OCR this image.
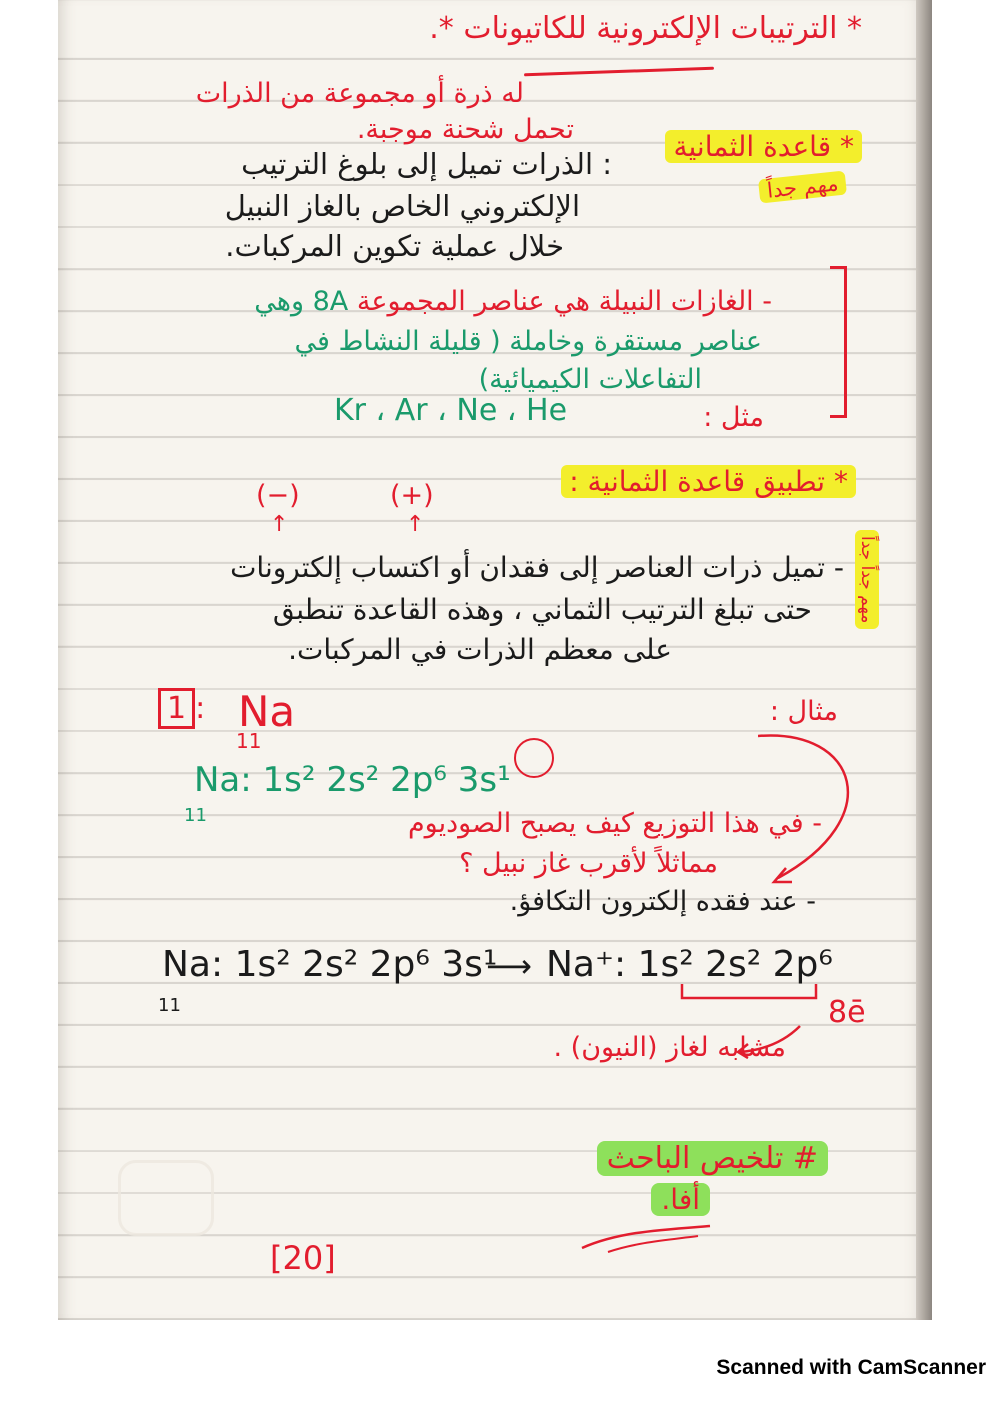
* الترتيبات الإلكترونية للكاتيونات *.
له ذرة أو مجموعة من الذرات
تحمل شحنة موجبة.
* قاعدة الثمانية
مهم جداً
: الذرات تميل إلى بلوغ الترتيب
الإلكتروني الخاص بالغاز النبيل
خلال عملية تكوين المركبات.
- الغازات النبيلة هي عناصر المجموعة 8A وهي
عناصر مستقرة وخاملة ( قليلة النشاط في
التفاعلات الكيميائية)
مثل :
Kr ، Ar ، Ne ، He
* تطبيق قاعدة الثمانية :
(−)	(+)
↑	↑
مهم جداً جداً
- تميل ذرات العناصر إلى فقدان أو اكتساب إلكترونات
حتى تبلغ الترتيب الثماني ، وهذه القاعدة تنطبق
على معظم الذرات في المركبات.
مثال :
1 : Na
11
Na: 1s² 2s² 2p⁶ 3s¹
11	- في هذا التوزيع كيف يصبح الصوديوم
مماثلاً لأقرب غاز نبيل ؟
- عند فقده إلكترون التكافؤ.
Na: 1s² 2s² 2p⁶ 3s¹
11
⟶ Na⁺: 1s² 2s² 2p⁶
8ē
مشابه لغاز (النيون) .
# تلخيص الباحث
أفا.
[20]
Scanned with CamScanner
